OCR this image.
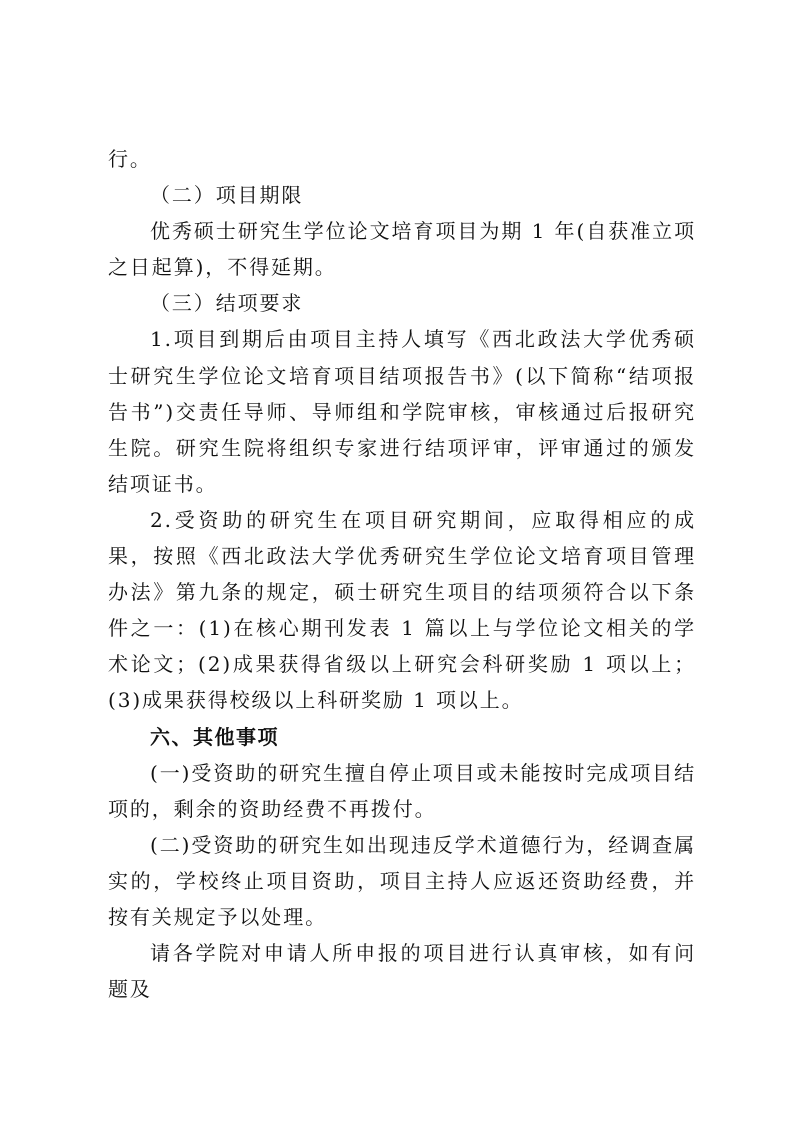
行。

（二）项目期限

优秀硕士研究生学位论文培育项目为期 1 年(自获准立项之日起算)，不得延期。

（三）结项要求

1.项目到期后由项目主持人填写《西北政法大学优秀硕士研究生学位论文培育项目结项报告书》(以下简称“结项报告书”)交责任导师、导师组和学院审核，审核通过后报研究生院。研究生院将组织专家进行结项评审，评审通过的颁发结项证书。

2.受资助的研究生在项目研究期间，应取得相应的成果，按照《西北政法大学优秀研究生学位论文培育项目管理办法》第九条的规定，硕士研究生项目的结项须符合以下条件之一：(1)在核心期刊发表 1 篇以上与学位论文相关的学术论文；(2)成果获得省级以上研究会科研奖励 1 项以上；(3)成果获得校级以上科研奖励 1 项以上。

六、其他事项

(一)受资助的研究生擅自停止项目或未能按时完成项目结项的，剩余的资助经费不再拨付。

(二)受资助的研究生如出现违反学术道德行为，经调查属实的，学校终止项目资助，项目主持人应返还资助经费，并按有关规定予以处理。

请各学院对申请人所申报的项目进行认真审核，如有问题及
